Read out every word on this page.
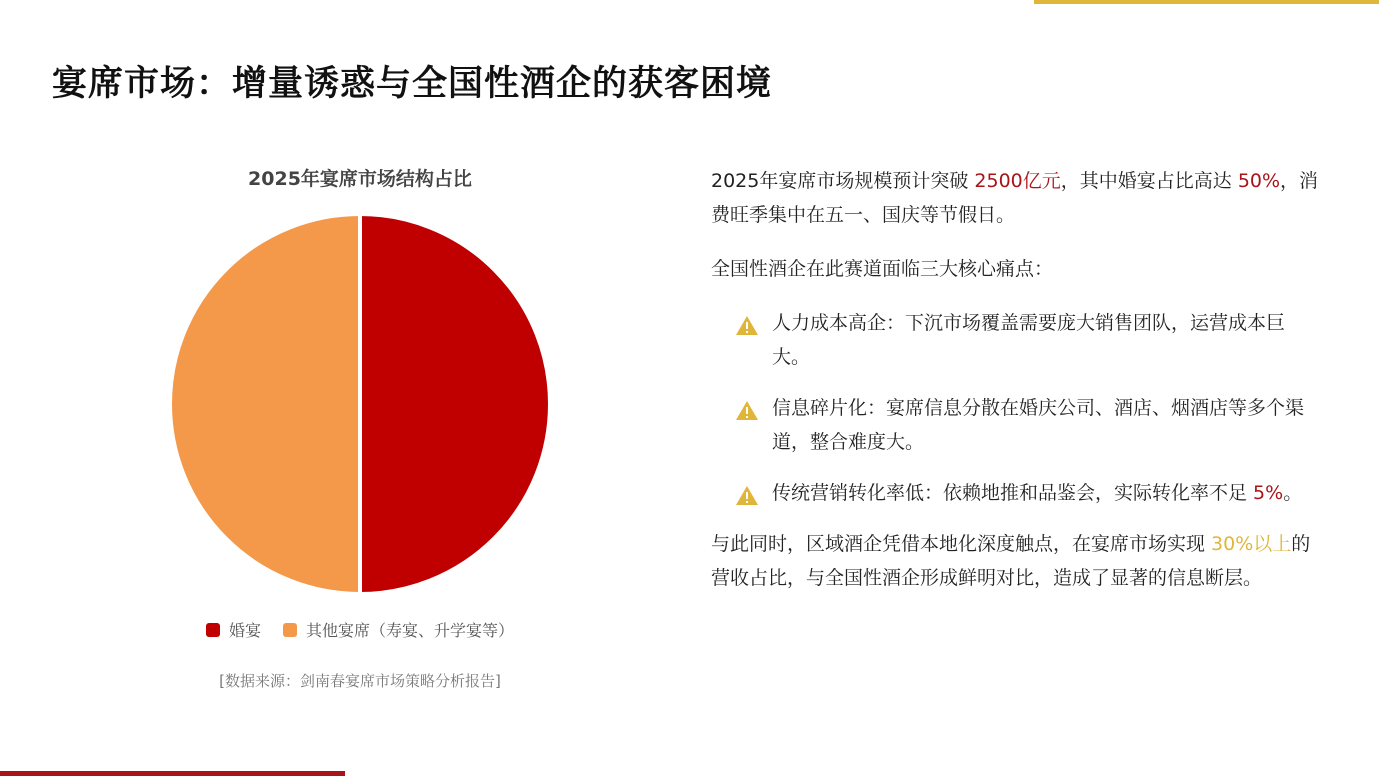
宴席市场：增量诱惑与全国性酒企的获客困境
2025年宴席市场结构占比
婚宴	其他宴席（寿宴、升学宴等）
[数据来源：剑南春宴席市场策略分析报告]

2025年宴席市场规模预计突破 2500亿元，其中婚宴占比高达 50%，消费旺季集中在五一、国庆等节假日。

全国性酒企在此赛道面临三大核心痛点：

人力成本高企：下沉市场覆盖需要庞大销售团队，运营成本巨大。
信息碎片化：宴席信息分散在婚庆公司、酒店、烟酒店等多个渠道，整合难度大。
传统营销转化率低：依赖地推和品鉴会，实际转化率不足 5%。

与此同时，区域酒企凭借本地化深度触点，在宴席市场实现 30%以上的营收占比，与全国性酒企形成鲜明对比，造成了显著的信息断层。
